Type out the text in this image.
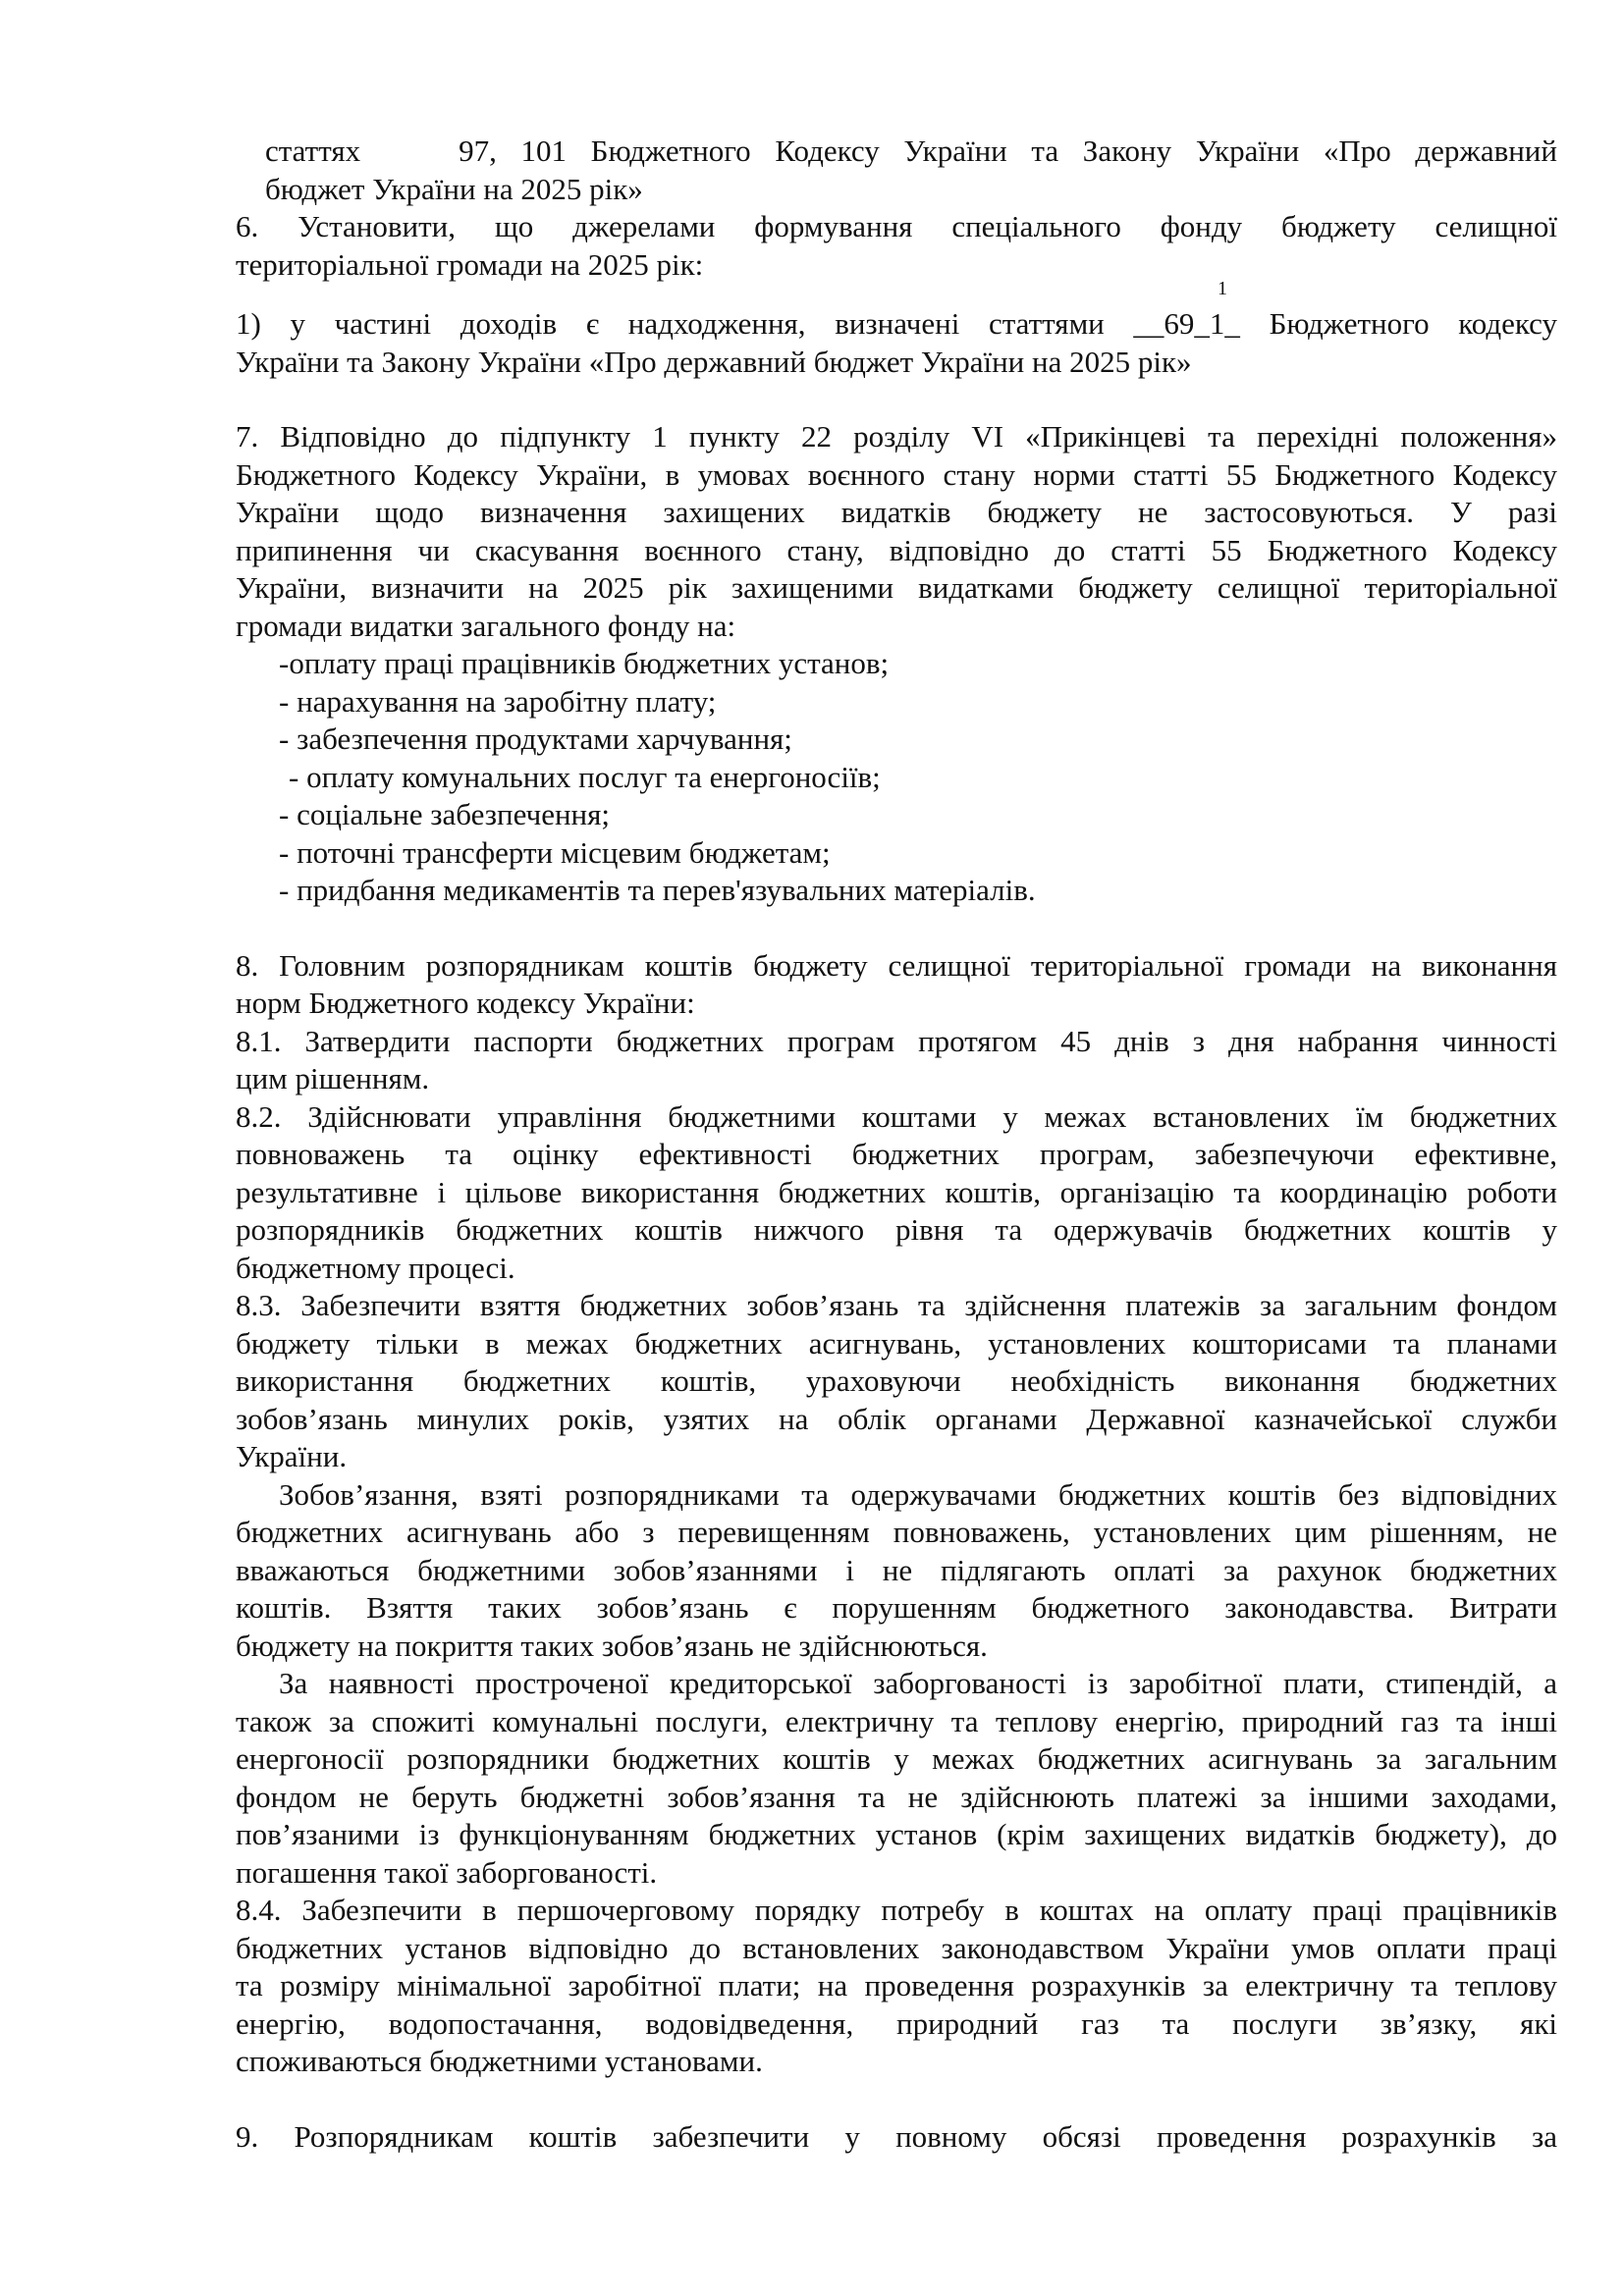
статтях	97, 101 Бюджетного Кодексу України та Закону України «Про державний

бюджет України на 2025 рік»

6. Установити, що джерелами формування спеціального фонду бюджету селищної

територіальної громади на 2025 рік:

1

1) у частині доходів є надходження, визначені статтями __69_1_ Бюджетного кодексу

України та Закону України «Про державний бюджет України на 2025 рік»

7. Відповідно до підпункту 1 пункту 22 розділу VI «Прикінцеві та перехідні положення»

Бюджетного Кодексу України, в умовах воєнного стану норми статті 55 Бюджетного Кодексу

України щодо визначення захищених видатків бюджету не застосовуються. У разі

припинення чи скасування воєнного стану, відповідно до статті 55 Бюджетного Кодексу

України, визначити на 2025 рік захищеними видатками бюджету селищної територіальної

громади видатки загального фонду на:

-оплату праці працівників бюджетних установ;

- нарахування на заробітну плату;

- забезпечення продуктами харчування;

- оплату комунальних послуг та енергоносіїв;

- соціальне забезпечення;

- поточні трансферти місцевим бюджетам;

- придбання медикаментів та перев'язувальних матеріалів.

8. Головним розпорядникам коштів бюджету селищної територіальної громади на виконання

норм Бюджетного кодексу України:

8.1. Затвердити паспорти бюджетних програм протягом 45 днів з дня набрання чинності

цим рішенням.

8.2. Здійснювати управління бюджетними коштами у межах встановлених їм бюджетних

повноважень та оцінку ефективності бюджетних програм, забезпечуючи ефективне,

результативне і цільове використання бюджетних коштів, організацію та координацію роботи

розпорядників бюджетних коштів нижчого рівня та одержувачів бюджетних коштів у

бюджетному процесі.

8.3. Забезпечити взяття бюджетних зобов’язань та здійснення платежів за загальним фондом

бюджету тільки в межах бюджетних асигнувань, установлених кошторисами та планами

використання бюджетних коштів, ураховуючи необхідність виконання бюджетних

зобов’язань минулих років, узятих на облік органами Державної казначейської служби

України.

Зобов’язання, взяті розпорядниками та одержувачами бюджетних коштів без відповідних

бюджетних асигнувань або з перевищенням повноважень, установлених цим рішенням, не

вважаються бюджетними зобов’язаннями і не підлягають оплаті за рахунок бюджетних

коштів. Взяття таких зобов’язань є порушенням бюджетного законодавства. Витрати

бюджету на покриття таких зобов’язань не здійснюються.

За наявності простроченої кредиторської заборгованості із заробітної плати, стипендій, а

також за спожиті комунальні послуги, електричну та теплову енергію, природний газ та інші

енергоносії розпорядники бюджетних коштів у межах бюджетних асигнувань за загальним

фондом не беруть бюджетні зобов’язання та не здійснюють платежі за іншими заходами,

пов’язаними із функціонуванням бюджетних установ (крім захищених видатків бюджету), до

погашення такої заборгованості.

8.4. Забезпечити в першочерговому порядку потребу в коштах на оплату праці працівників

бюджетних установ відповідно до встановлених законодавством України умов оплати праці

та розміру мінімальної заробітної плати; на проведення розрахунків за електричну та теплову

енергію, водопостачання, водовідведення, природний газ та послуги зв’язку, які

споживаються бюджетними установами.

9. Розпорядникам коштів забезпечити у повному обсязі проведення розрахунків за
